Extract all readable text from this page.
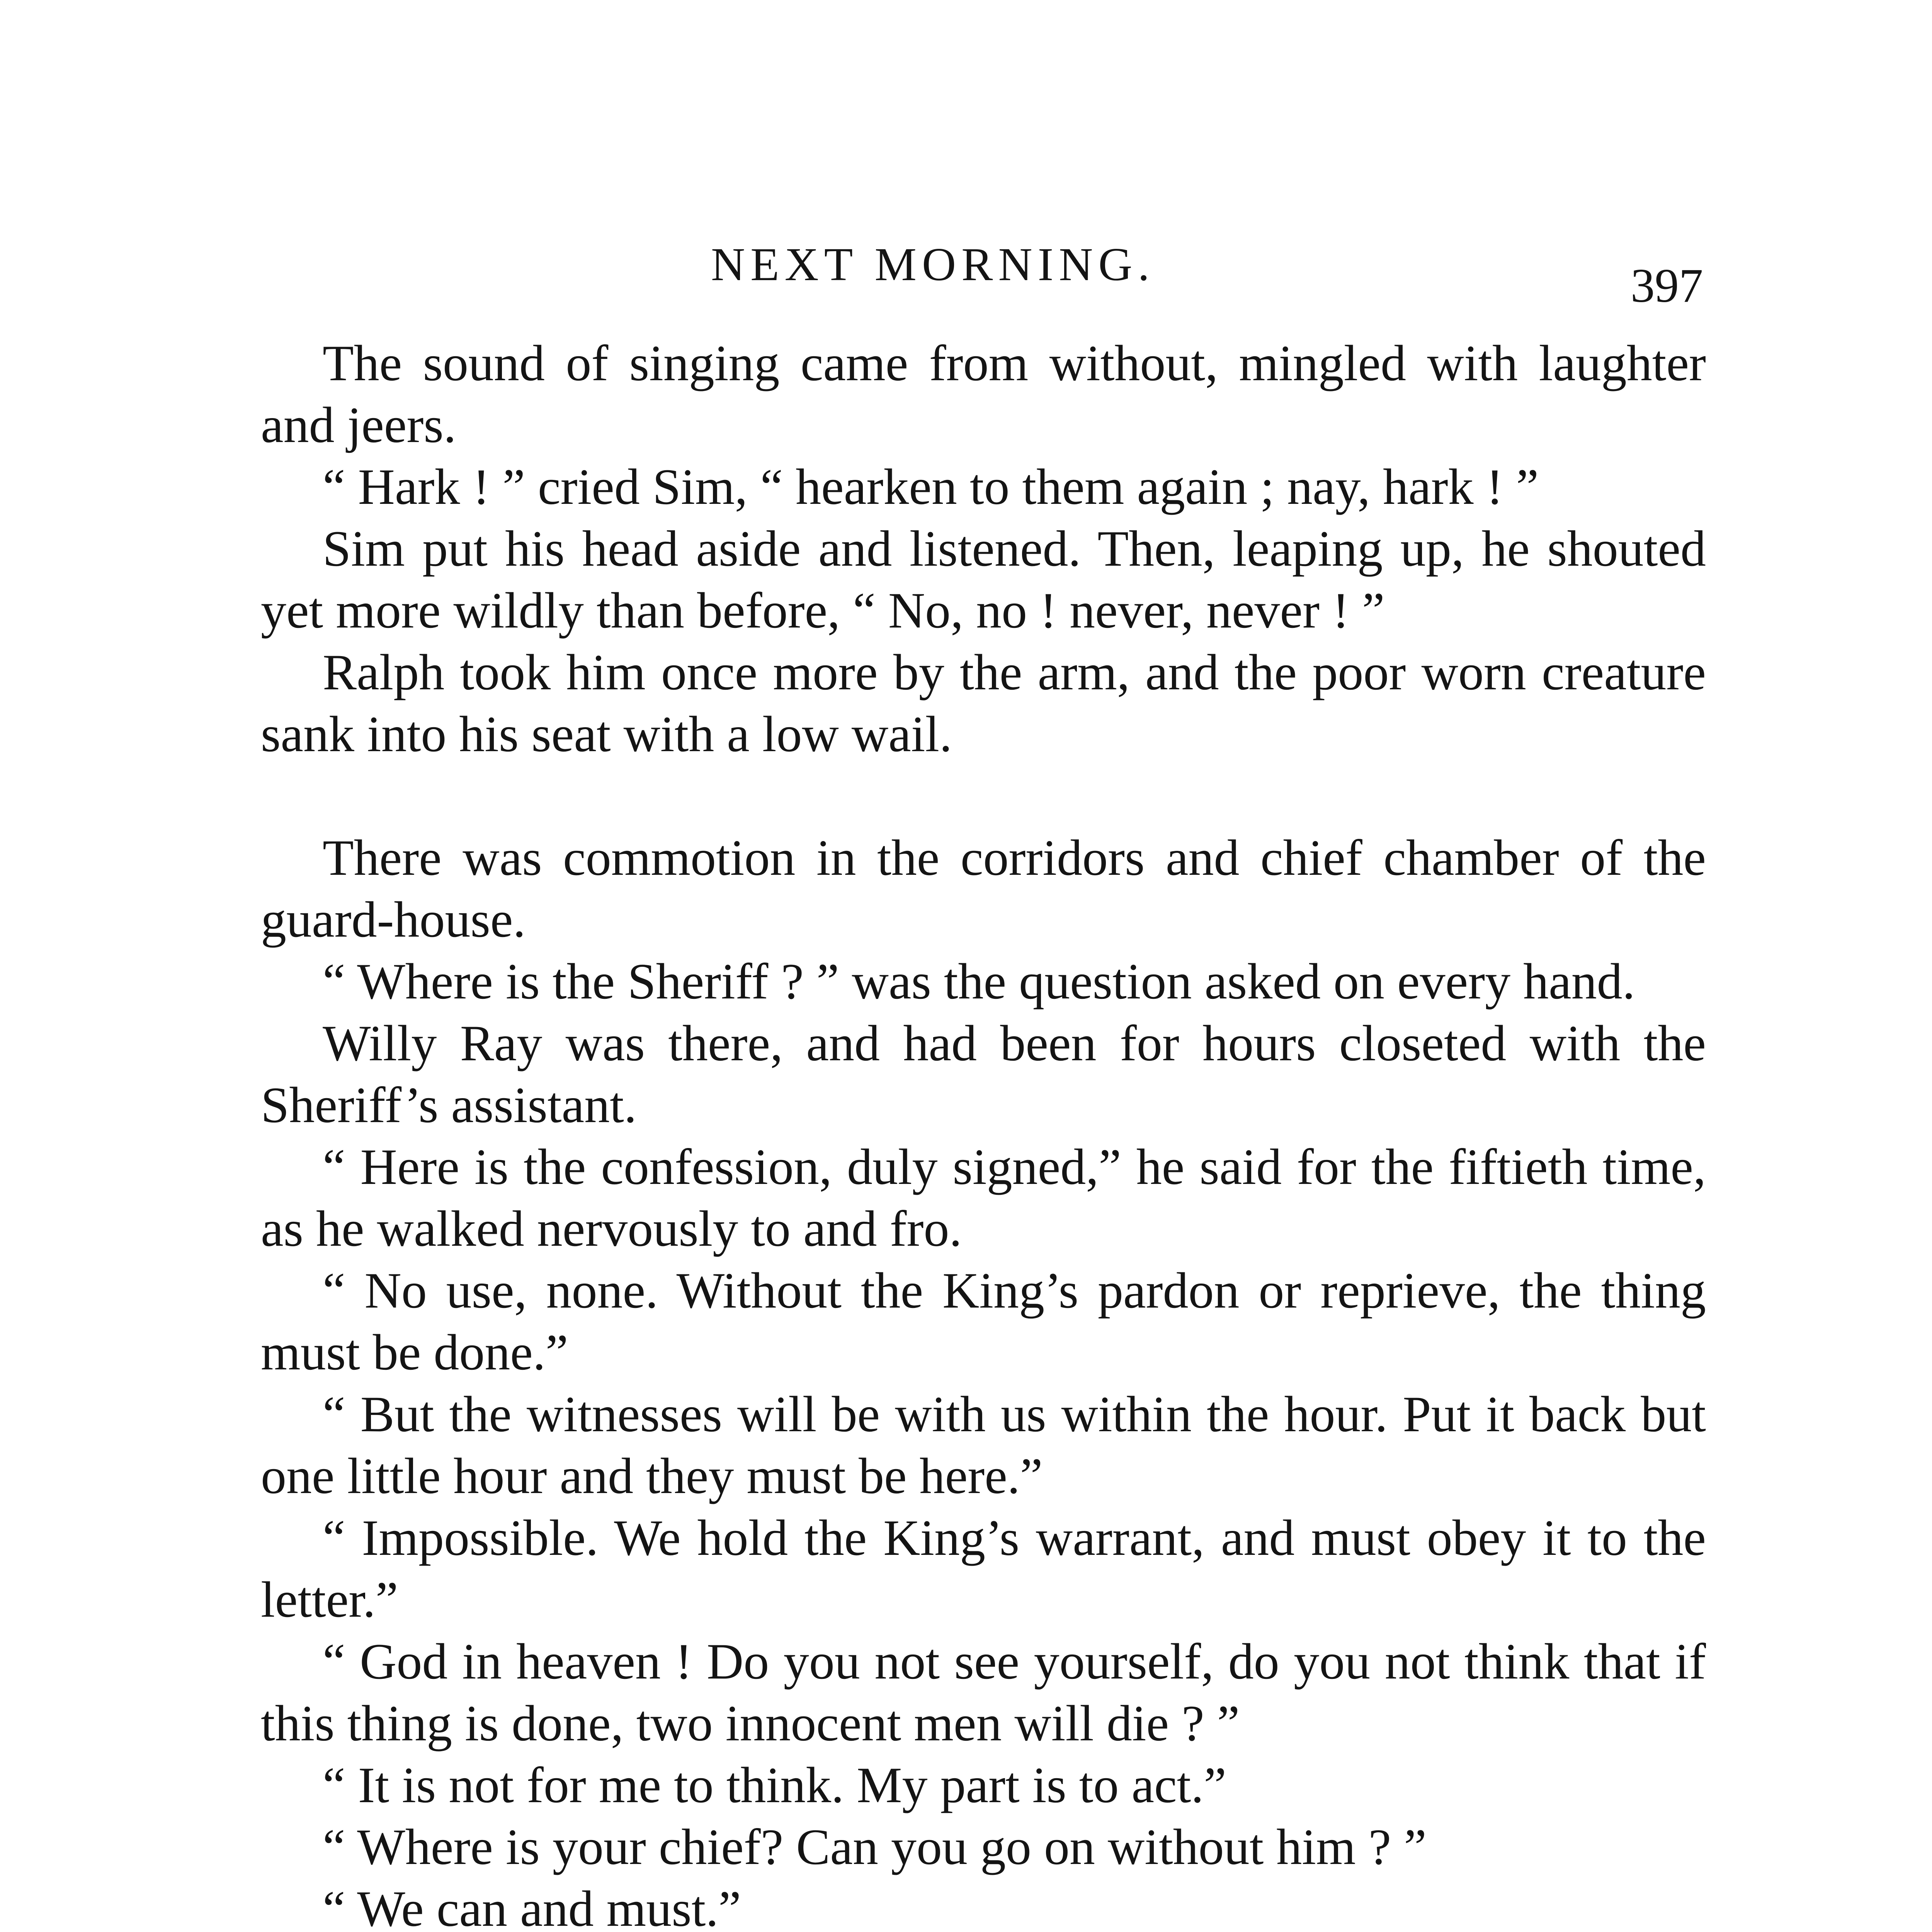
NEXT MORNING.	397

The sound of singing came from without, mingled with laughter and jeers.

“ Hark ! ” cried Sim, “ hearken to them again ; nay, hark ! ”

Sim put his head aside and listened. Then, leaping up, he shouted yet more wildly than before, “ No, no ! never, never ! ”

Ralph took him once more by the arm, and the poor worn creature sank into his seat with a low wail.

There was commotion in the corridors and chief chamber of the guard-house.

“ Where is the Sheriff ? ” was the question asked on every hand.

Willy Ray was there, and had been for hours closeted with the Sheriff’s assistant.

“ Here is the confession, duly signed,” he said for the fiftieth time, as he walked nervously to and fro.

“ No use, none. Without the King’s pardon or reprieve, the thing must be done.”

“ But the witnesses will be with us within the hour. Put it back but one little hour and they must be here.”

“ Impossible. We hold the King’s warrant, and must obey it to the letter.”

“ God in heaven ! Do you not see yourself, do you not think that if this thing is done, two innocent men will die ? ”

“ It is not for me to think. My part is to act.”

“ Where is your chief? Can you go on without him ? ”

“ We can and must.”
